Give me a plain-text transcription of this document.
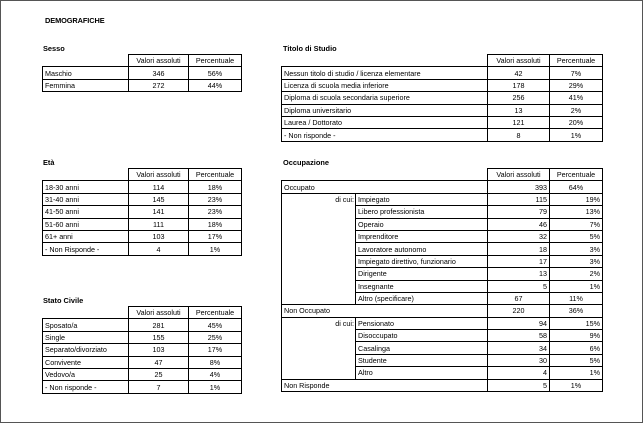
DEMOGRAFICHE
Sesso
	Valori assoluti	Percentuale
Maschio	346	56%
Femmina	272	44%
Età
	Valori assoluti	Percentuale
18-30 anni	114	18%
31-40 anni	145	23%
41-50 anni	141	23%
51-60 anni	111	18%
61+ anni	103	17%
- Non Risponde -	4	1%
Stato Civile
	Valori assoluti	Percentuale
Sposato/a	281	45%
Single	155	25%
Separato/divorziato	103	17%
Convivente	47	8%
Vedovo/a	25	4%
- Non risponde -	7	1%
Titolo di Studio
	Valori assoluti	Percentuale
Nessun titolo di studio / licenza elementare	42	7%
Licenza di scuola media inferiore	178	29%
Diploma di scuola secondaria superiore	256	41%
Diploma universitario	13	2%
Laurea / Dottorato	121	20%
- Non risponde -	8	1%
Occupazione
		Valori assoluti	Percentuale
Occupato		393	64%
di cui:	Impiegato	115	19%
	Libero professionista	79	13%
	Operaio	46	7%
	Imprenditore	32	5%
	Lavoratore autonomo	18	3%
	Impiegato direttivo, funzionario	17	3%
	Dirigente	13	2%
	Insegnante	5	1%
	Altro (specificare)	67	11%
Non Occupato		220	36%
di cui:	Pensionato	94	15%
	Disoccupato	58	9%
	Casalinga	34	6%
	Studente	30	5%
	Altro	4	1%
Non Risponde		5	1%
